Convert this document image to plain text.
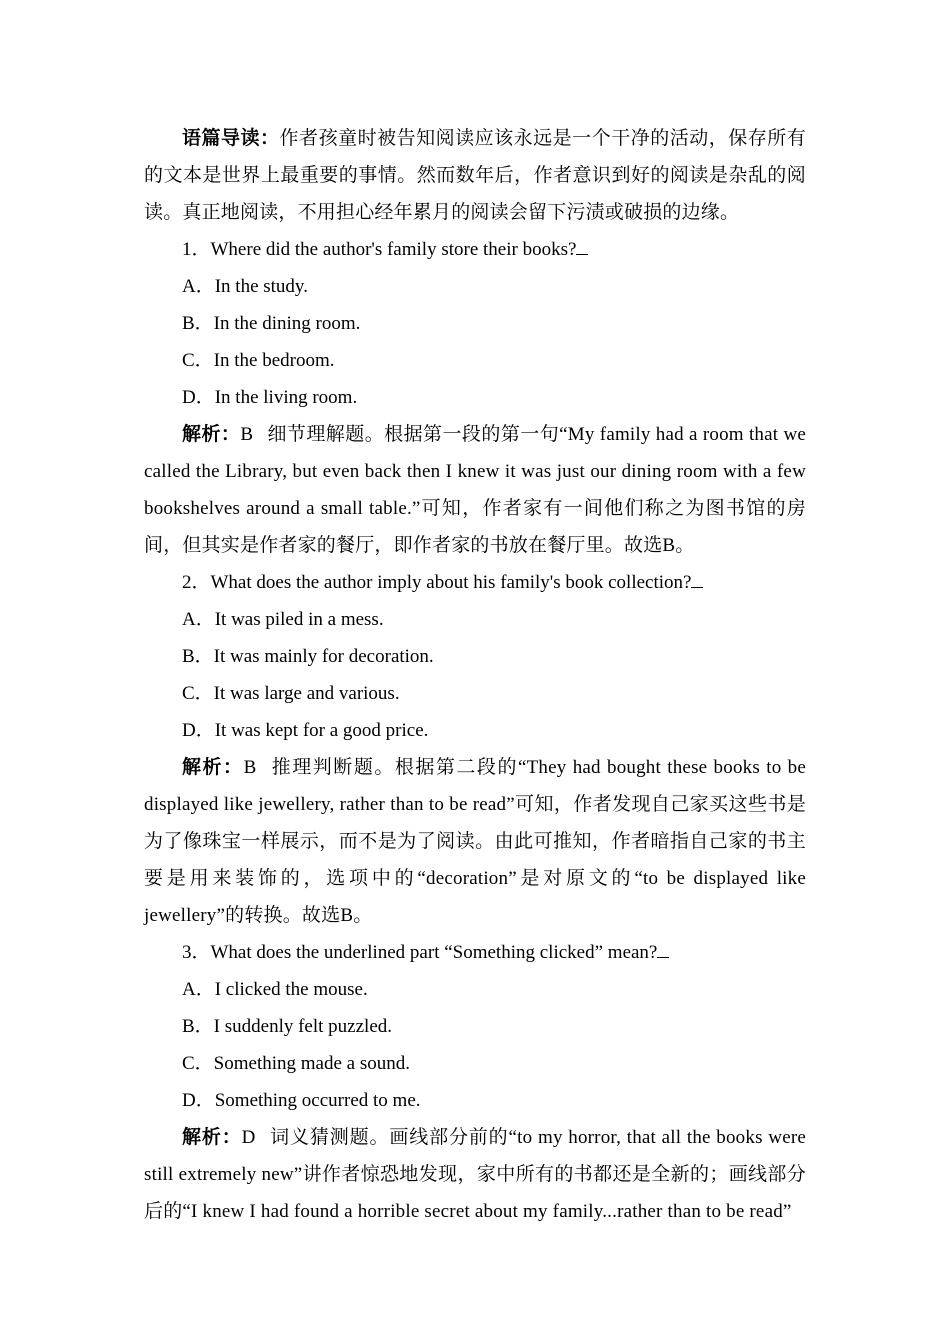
语篇导读：作者孩童时被告知阅读应该永远是一个干净的活动，保存所有的文本是世界上最重要的事情。然而数年后，作者意识到好的阅读是杂乱的阅读。真正地阅读，不用担心经年累月的阅读会留下污渍或破损的边缘。

1．Where did the author's family store their books?

A．In the study.

B．In the dining room.

C．In the bedroom.

D．In the living room.

解析：B 细节理解题。根据第一段的第一句“My family had a room that we called the Library, but even back then I knew it was just our dining room with a few bookshelves around a small table.”可知，作者家有一间他们称之为图书馆的房间，但其实是作者家的餐厅，即作者家的书放在餐厅里。故选B。

2．What does the author imply about his family's book collection?

A．It was piled in a mess.

B．It was mainly for decoration.

C．It was large and various.

D．It was kept for a good price.

解析：B 推理判断题。根据第二段的“They had bought these books to be displayed like jewellery, rather than to be read”可知，作者发现自己家买这些书是为了像珠宝一样展示，而不是为了阅读。由此可推知，作者暗指自己家的书主要是用来装饰的，选项中的“decoration”是对原文的“to be displayed like jewellery”的转换。故选B。

3．What does the underlined part “Something clicked” mean?

A．I clicked the mouse.

B．I suddenly felt puzzled.

C．Something made a sound.

D．Something occurred to me.

解析：D 词义猜测题。画线部分前的“to my horror, that all the books were still extremely new”讲作者惊恐地发现，家中所有的书都还是全新的；画线部分后的“I knew I had found a horrible secret about my family...rather than to be read”
